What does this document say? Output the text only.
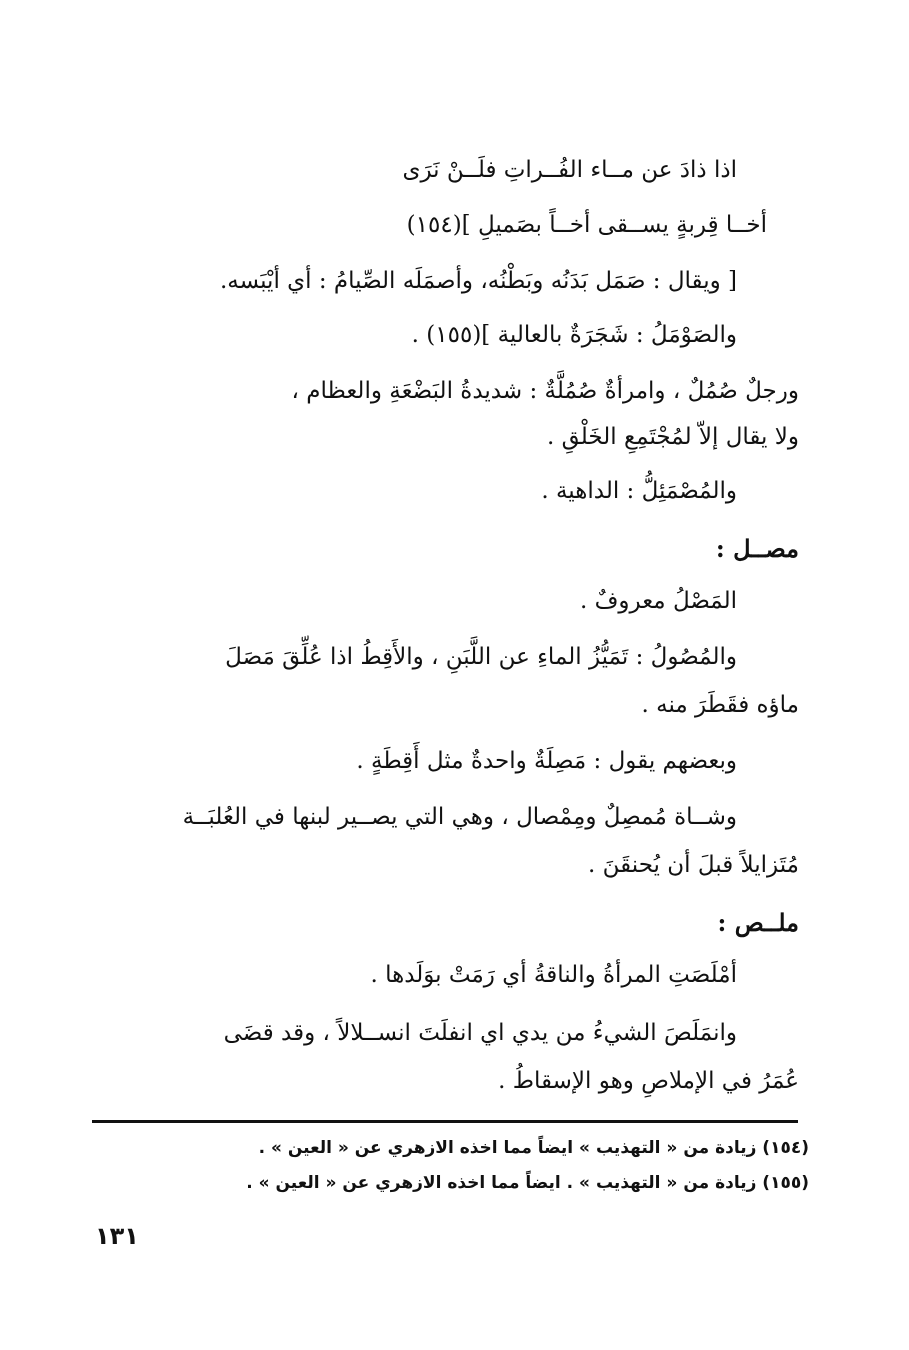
اذا ذادَ عن مــاء الفُــراتِ فلَــنْ نَرَى
أخــا قِربةٍ يســقى أخــاً بصَميلِ ](١٥٤)
[ ويقال : صَمَل بَدَنُه وبَطْنُه، وأصمَلَه الصِّيامُ : أي أيْبَسه.
والصَوْمَلُ : شَجَرَةٌ بالعالية ](١٥٥) .
ورجلٌ صُمُلٌ ، وامرأةٌ صُمُلَّةٌ : شديدةُ البَضْعَةِ والعظام ،
ولا يقال إلاّ لمُجْتَمِعِ الخَلْقِ .
والمُصْمَئِلُّ : الداهية .
مصــل :
المَصْلُ معروفٌ .
والمُصُولُ : تَمَيُّزُ الماءِ عن اللَّبَنِ ، والأَقِطُ اذا عُلِّقَ مَصَلَ
ماؤه فقَطَرَ منه .
وبعضهم يقول : مَصِلَةٌ واحدةٌ مثل أَقِطَةٍ .
وشــاة مُمصِلٌ ومِمْصال ، وهي التي يصــير لبنها في العُلبَــة
مُتَزايلاً قبلَ أن يُحنقَنَ .
ملــص :
أمْلَصَتِ المرأةُ والناقةُ أي رَمَتْ بوَلَدها .
وانمَلَصَ الشيءُ من يدي اي انفلَتَ انســلالاً ، وقد قضَى
عُمَرُ في الإملاصِ وهو الإسقاطُ .
(١٥٤) زيادة من « التهذيب » ايضاً مما اخذه الازهري عن « العين » .
(١٥٥) زيادة من « التهذيب » . ايضاً مما اخذه الازهري عن « العين » .
١٣١
